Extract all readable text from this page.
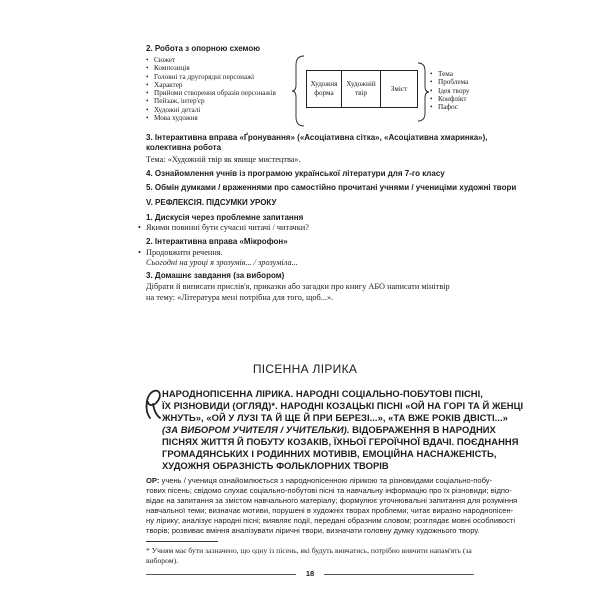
2. Робота з опорною схемою
• Сюжет
• Композиція
• Головні та другорядні персонажі
• Характер
• Прийоми створення образів персонажів
• Пейзаж, інтер'єр
• Художні деталі
• Мова художня
Художня форма
Художній твір
Зміст
• Тема
• Проблема
• Ідея твору
• Конфлікт
• Пафос
3. Інтерактивна вправа «Ґронування» («Асоціативна сітка», «Асоціативна хмаринка»),
колективна робота
Тема: «Художній твір як явище мистецтва».
4. Ознайомлення учнів із програмою української літератури для 7-го класу
5. Обмін думками / враженнями про самостійно прочитані учнями / учениціми художні твори
V. РЕФЛЕКСІЯ. ПІДСУМКИ УРОКУ
1. Дискусія через проблемне запитання
• Якими повинні бути сучасні читачі / читачки?
2. Інтерактивна вправа «Мікрофон»
• Продовжити речення.
Сьогодні на уроці я зрозумів... / зрозуміла...
3. Домашнє завдання (за вибором)
Дібрати й виписати прислів'я, приказки або загадки про книгу АБО написати мінітвір
на тему: «Література мені потрібна для того, щоб...».
ПІСЕННА ЛІРИКА
НАРОДНОПІСЕННА ЛІРИКА. НАРОДНІ СОЦІАЛЬНО-ПОБУТОВІ ПІСНІ,
ЇХ РІЗНОВИДИ (ОГЛЯД)*. НАРОДНІ КОЗАЦЬКІ ПІСНІ «ОЙ НА ГОРІ ТА Й ЖЕНЦІ
ЖНУТЬ», «ОЙ У ЛУЗІ ТА Й ЩЕ Й ПРИ БЕРЕЗІ...», «ТА ВЖЕ РОКІВ ДВІСТІ...»
(ЗА ВИБОРОМ УЧИТЕЛЯ / УЧИТЕЛЬКИ). ВІДОБРАЖЕННЯ В НАРОДНИХ
ПІСНЯХ ЖИТТЯ Й ПОБУТУ КОЗАКІВ, ЇХНЬОЇ ГЕРОЇЧНОЇ ВДАЧІ. ПОЄДНАННЯ
ГРОМАДЯНСЬКИХ І РОДИННИХ МОТИВІВ, ЕМОЦІЙНА НАСНАЖЕНІСТЬ,
ХУДОЖНЯ ОБРАЗНІСТЬ ФОЛЬКЛОРНИХ ТВОРІВ
ОР: учень / учениця ознайомлюється з народнопісенною лірикою та різновидами соціально-побу-
тових пісень; свідомо слухає соціально-побутові пісні та навчальну інформацію про їх різновиди; відпо-
відає на запитання за змістом навчального матеріалу; формулює уточнювальні запитання для розуміння
навчальної теми; визначає мотиви, порушені в художніх творах проблеми; читає виразно народнопісен-
ну лірику; аналізує народні пісні; виявляє події, передані образним словом; розглядає мовні особливості
творів; розвиває вміння аналізувати ліричні твори, визначати головну думку художнього твору.
* Учням має бути зазначено, що одну із пісень, які будуть вивчатись, потрібно вивчити напам'ять (за
вибором).
18
